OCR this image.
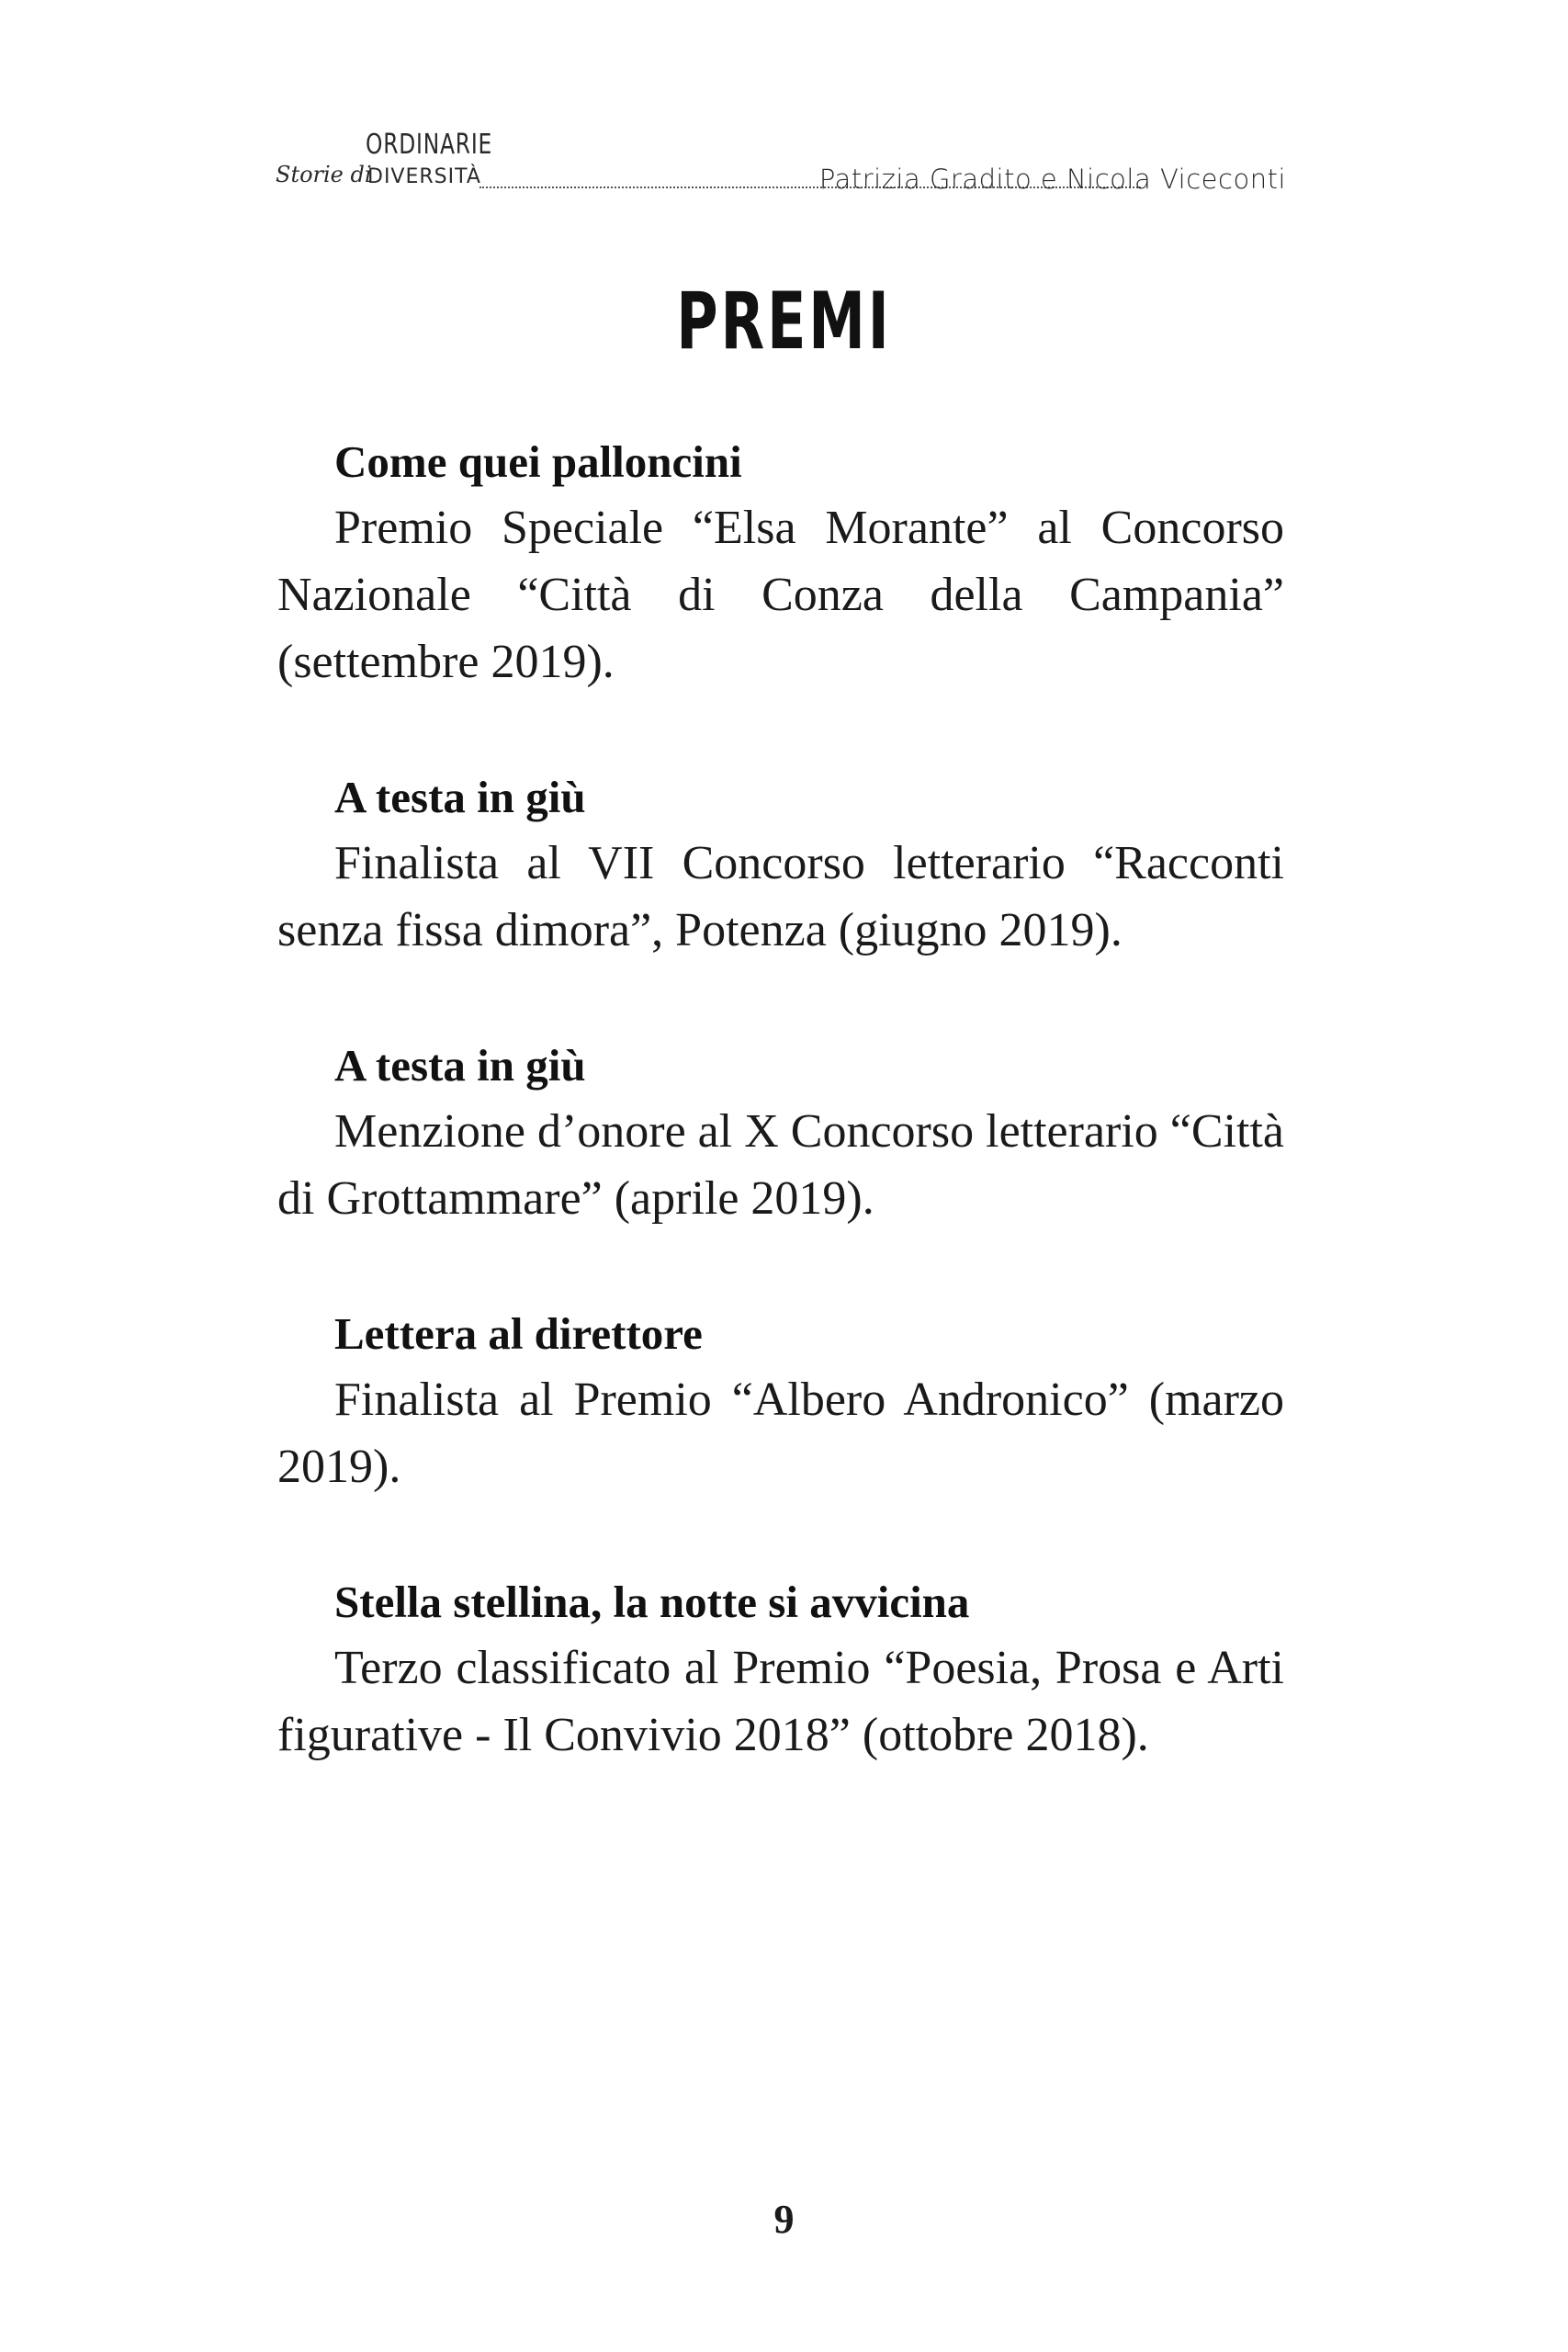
Storie di
ORDINARIE
DIVERSITÀ	Patrizia Gradito e Nicola Viceconti
PREMI
Come quei palloncini
Premio Speciale “Elsa Morante” al Concorso Nazionale “Città di Conza della Campania” (settembre 2019).
A testa in giù
Finalista al VII Concorso letterario “Racconti senza fissa dimora”, Potenza (giugno 2019).
A testa in giù
Menzione d’onore al X Concorso letterario “Città di Grottammare” (aprile 2019).
Lettera al direttore
Finalista al Premio “Albero Andronico” (marzo 2019).
Stella stellina, la notte si avvicina
Terzo classificato al Premio “Poesia, Prosa e Arti figurative - Il Convivio 2018” (ottobre 2018).
9
